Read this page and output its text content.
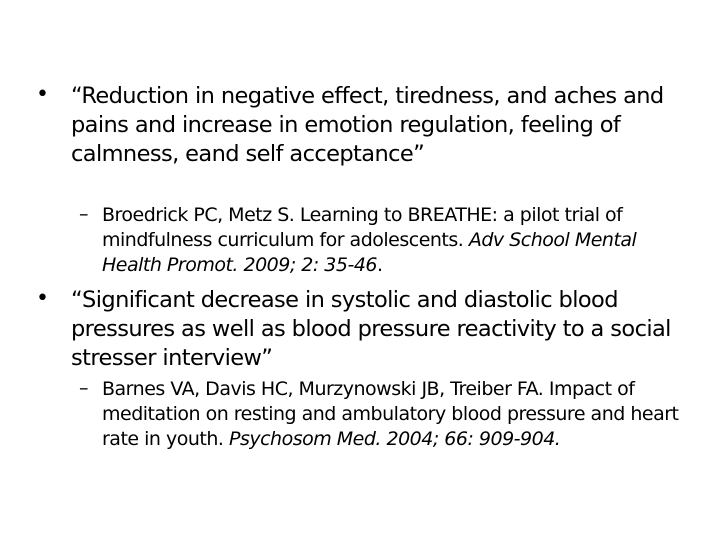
• “Reduction in negative effect, tiredness, and aches and pains and increase in emotion regulation, feeling of calmness, eand self acceptance”
– Broedrick PC, Metz S. Learning to BREATHE: a pilot trial of mindfulness curriculum for adolescents. Adv School Mental Health Promot. 2009; 2: 35-46.
• “Significant decrease in systolic and diastolic blood pressures as well as blood pressure reactivity to a social stresser interview”
– Barnes VA, Davis HC, Murzynowski JB, Treiber FA. Impact of meditation on resting and ambulatory blood pressure and heart rate in youth. Psychosom Med. 2004; 66: 909-904.
